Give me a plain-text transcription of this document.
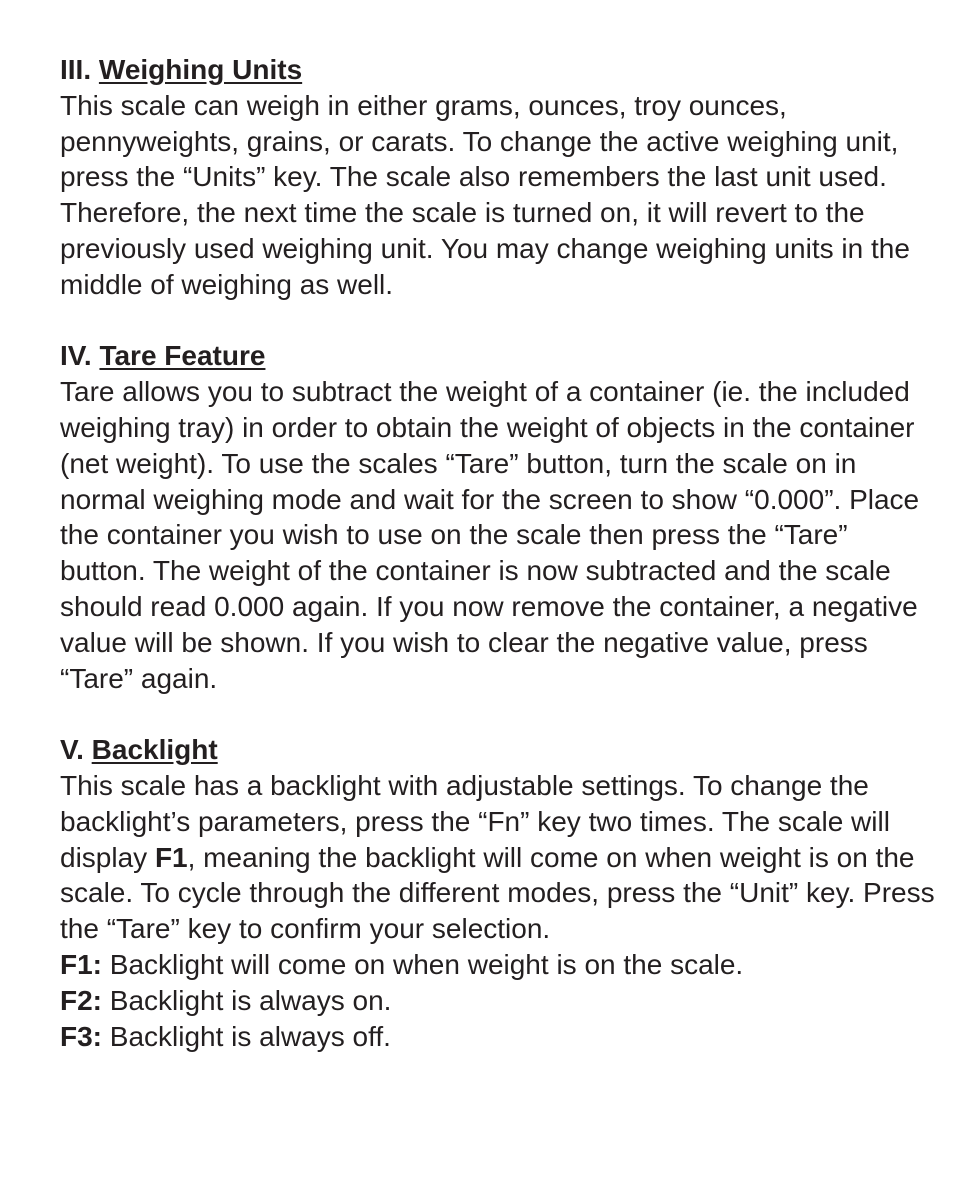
III. Weighing Units
This scale can weigh in either grams, ounces, troy ounces, pennyweights, grains, or carats. To change the active weighing unit, press the “Units” key. The scale also remembers the last unit used. Therefore, the next time the scale is turned on, it will revert to the previously used weighing unit. You may change weighing units in the middle of weighing as well.
IV. Tare Feature
Tare allows you to subtract the weight of a container (ie. the included weighing tray) in order to obtain the weight of objects in the container (net weight). To use the scales “Tare” button, turn the scale on in normal weighing mode and wait for the screen to show “0.000”. Place the container you wish to use on the scale then press the “Tare” button. The weight of the container is now subtracted and the scale should read 0.000 again. If you now remove the container, a negative value will be shown. If you wish to clear the negative value, press “Tare” again.
V. Backlight
This scale has a backlight with adjustable settings. To change the backlight’s parameters, press the “Fn” key two times. The scale will display F1, meaning the backlight will come on when weight is on the scale. To cycle through the different modes, press the “Unit” key. Press the “Tare” key to confirm your selection.
F1: Backlight will come on when weight is on the scale.
F2: Backlight is always on.
F3: Backlight is always off.
